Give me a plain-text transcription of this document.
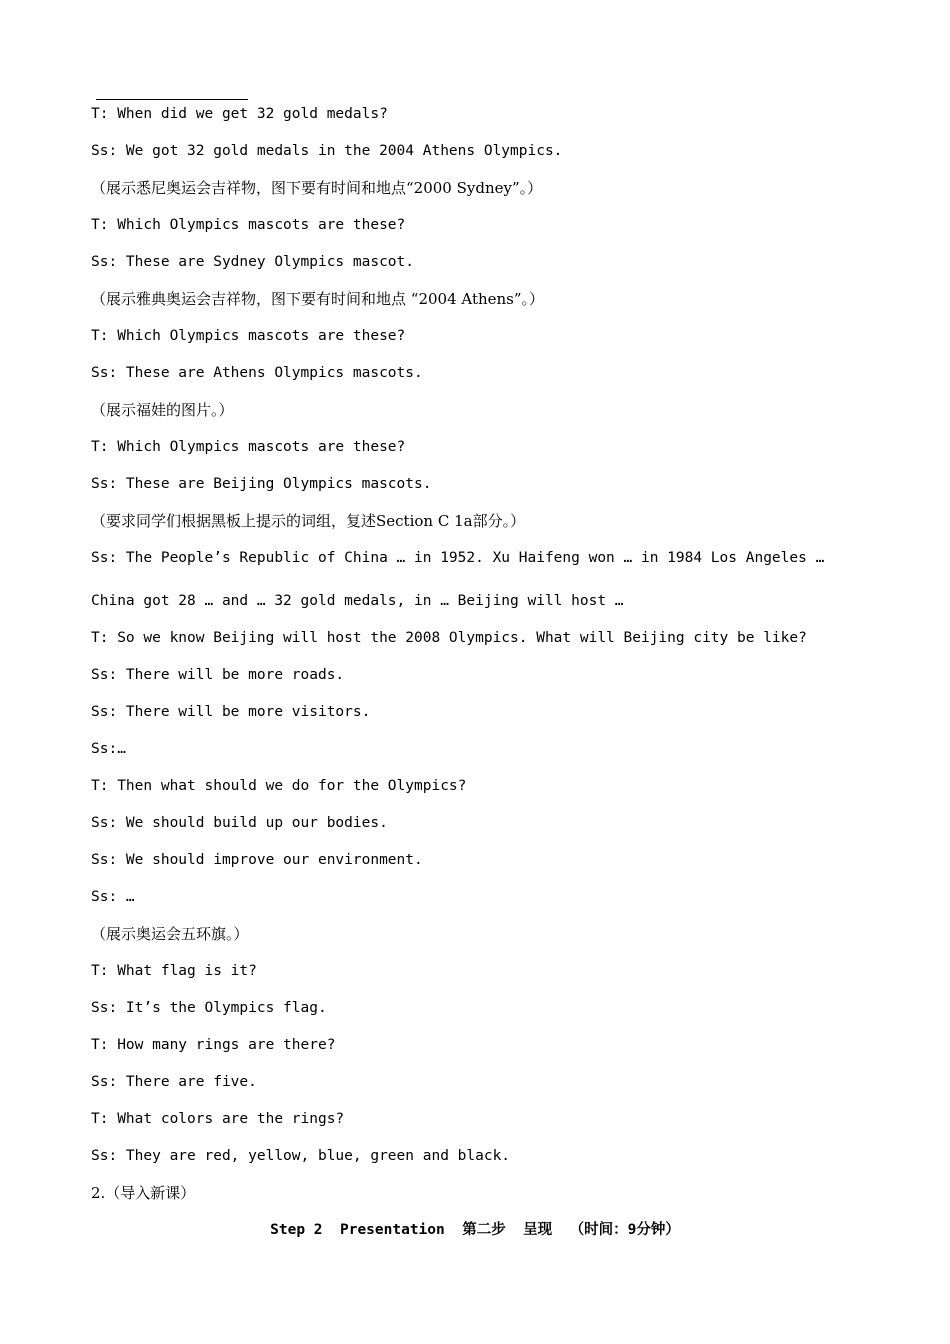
T: When did we get 32 gold medals?
Ss: We got 32 gold medals in the 2004 Athens Olympics.
（展示悉尼奥运会吉祥物，图下要有时间和地点“2000 Sydney”。）
T: Which Olympics mascots are these?
Ss: These are Sydney Olympics mascot.
（展示雅典奥运会吉祥物，图下要有时间和地点 “2004 Athens”。）
T: Which Olympics mascots are these?
Ss: These are Athens Olympics mascots.
（展示福娃的图片。）
T: Which Olympics mascots are these?
Ss: These are Beijing Olympics mascots.
（要求同学们根据黑板上提示的词组，复述Section C 1a部分。）
Ss: The People’s Republic of China … in 1952. Xu Haifeng won … in 1984 Los Angeles …
China got 28 … and … 32 gold medals, in … Beijing will host …
T: So we know Beijing will host the 2008 Olympics. What will Beijing city be like?
Ss: There will be more roads.
Ss: There will be more visitors.
Ss:…
T: Then what should we do for the Olympics?
Ss: We should build up our bodies.
Ss: We should improve our environment.
Ss: …
（展示奥运会五环旗。）
T: What flag is it?
Ss: It’s the Olympics flag.
T: How many rings are there?
Ss: There are five.
T: What colors are the rings?
Ss: They are red, yellow, blue, green and black.
2.（导入新课）
Step 2  Presentation  第二步  呈现  （时间：9分钟）
